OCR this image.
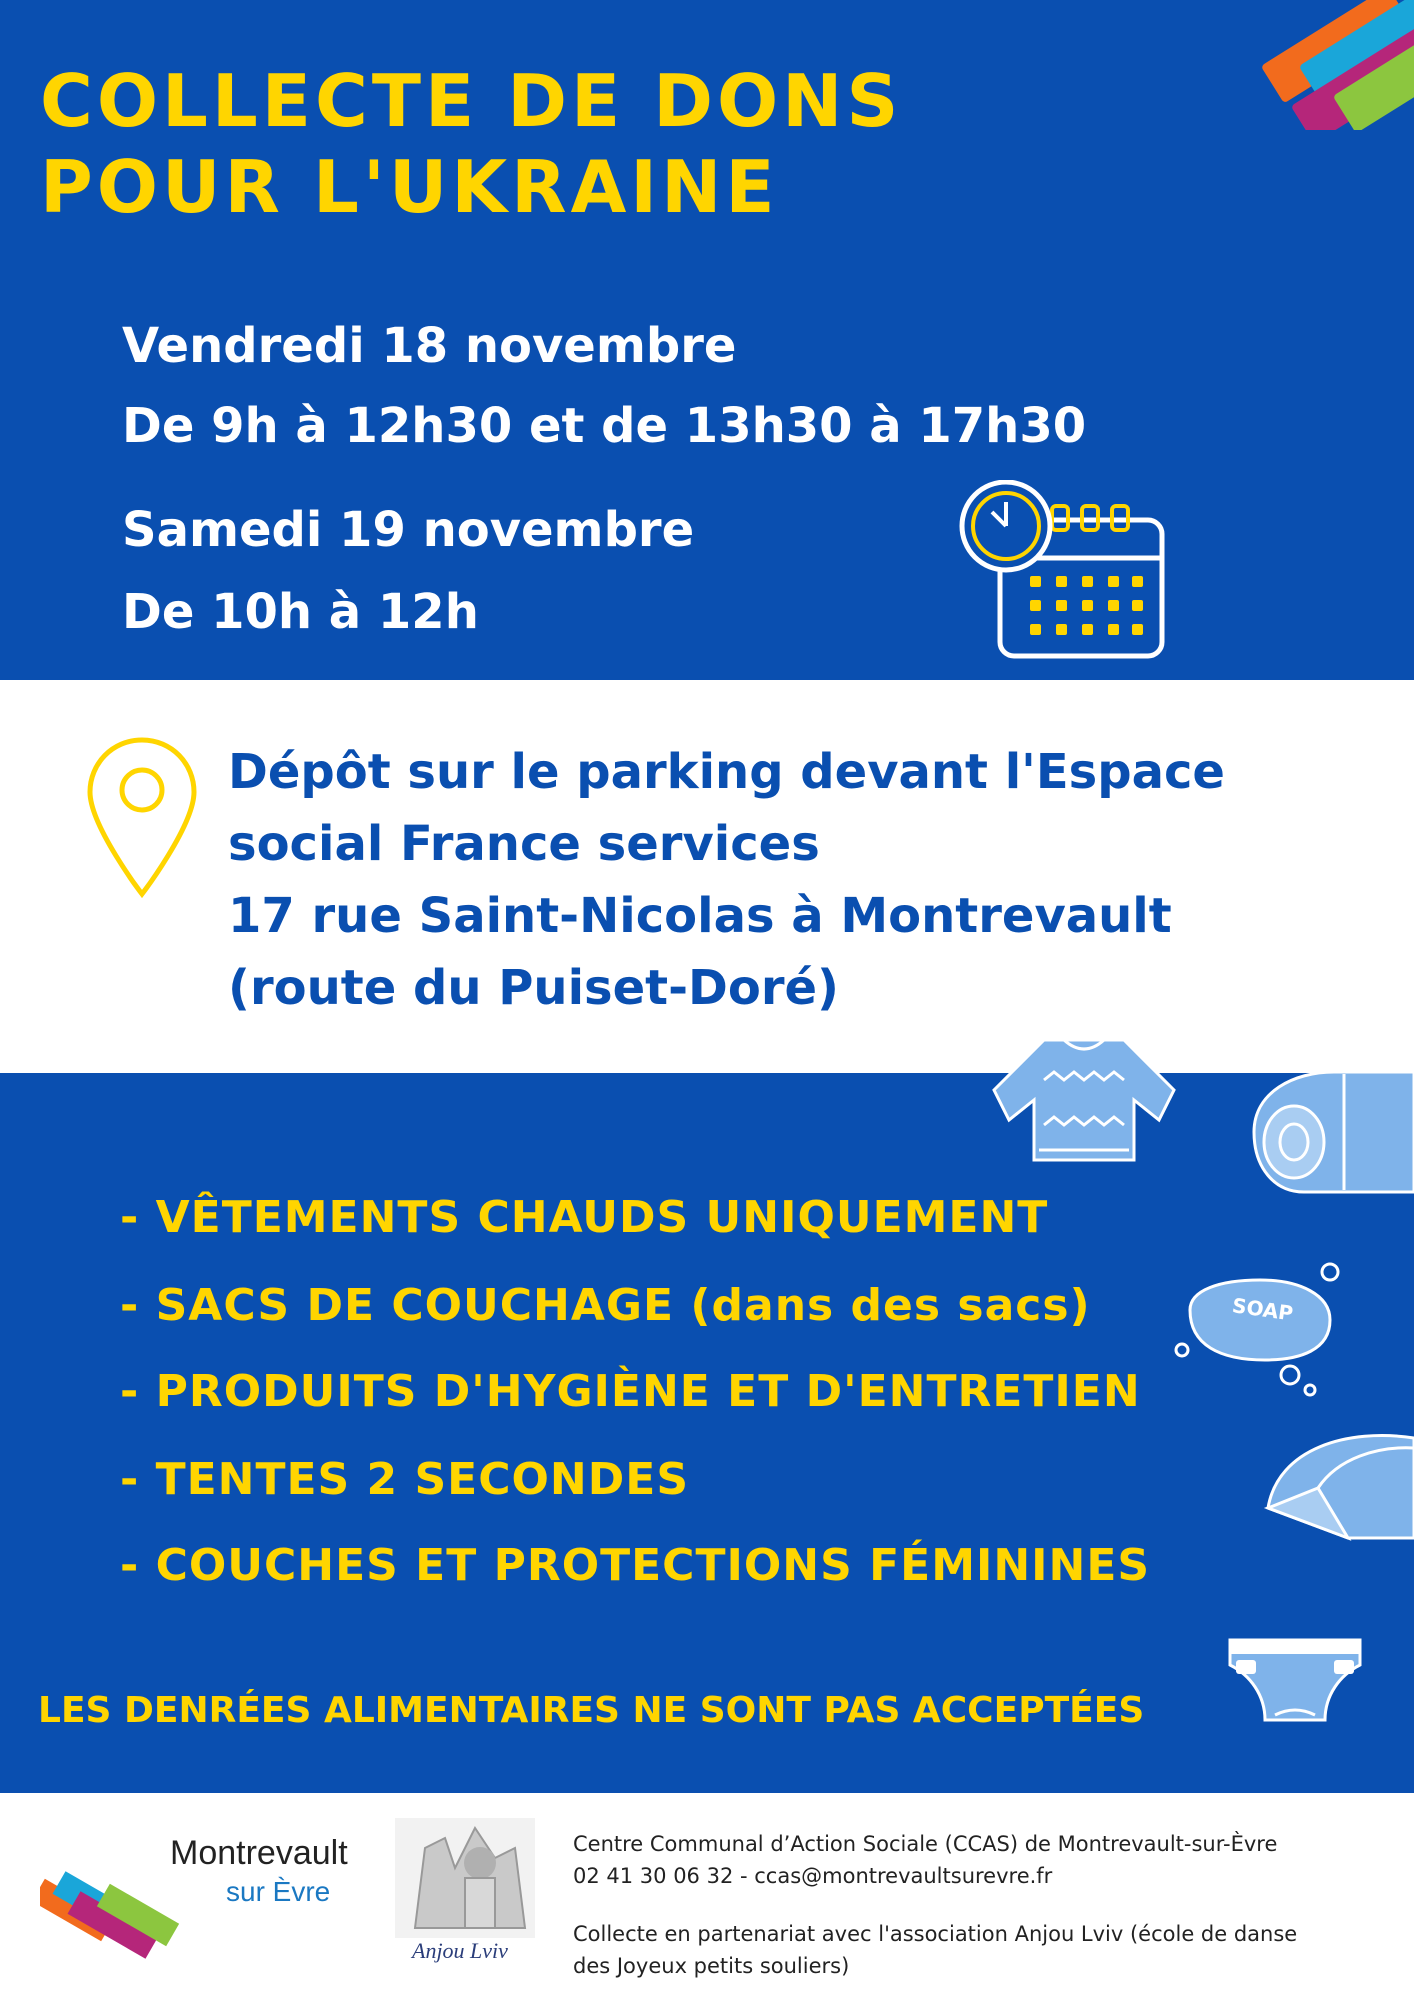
COLLECTE DE DONS
POUR L'UKRAINE
Vendredi 18 novembre
De 9h à 12h30 et de 13h30 à 17h30
Samedi 19 novembre
De 10h à 12h
Dépôt sur le parking devant l'Espace
social France services
17 rue Saint-Nicolas à Montrevault
(route du Puiset-Doré)
SOAP
- VÊTEMENTS CHAUDS UNIQUEMENT
- SACS DE COUCHAGE (dans des sacs)
- PRODUITS D'HYGIÈNE ET D'ENTRETIEN
- TENTES 2 SECONDES
- COUCHES ET PROTECTIONS FÉMININES
LES DENRÉES ALIMENTAIRES NE SONT PAS ACCEPTÉES
Montrevault
sur Èvre
Anjou Lviv
Centre Communal d’Action Sociale (CCAS) de Montrevault-sur-Èvre
02 41 30 06 32 - ccas@montrevaultsurevre.fr
Collecte en partenariat avec l'association Anjou Lviv (école de danse
des Joyeux petits souliers)
